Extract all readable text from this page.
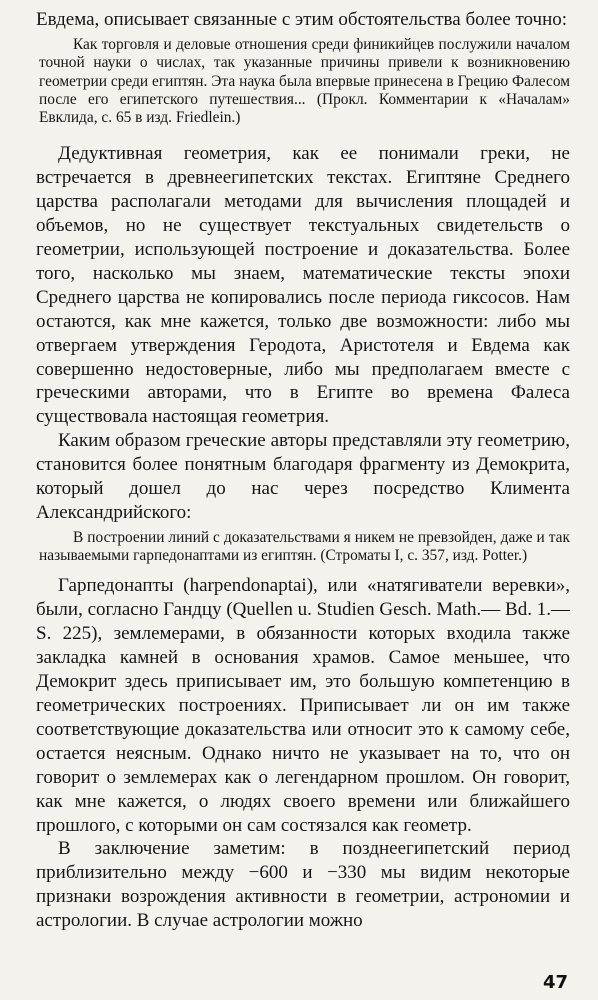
Евдема, описывает связанные с этим обстоятельства более точно:

Как торговля и деловые отношения среди финикийцев послужили началом точной науки о числах, так указанные причины привели к возникновению геометрии среди египтян. Эта наука была впервые принесена в Грецию Фалесом после его египетского путешествия... (Прокл. Комментарии к «Началам» Евклида, с. 65 в изд. Friedlein.)

Дедуктивная геометрия, как ее понимали греки, не встречается в древнеегипетских текстах. Египтяне Среднего царства располагали методами для вычисления площадей и объемов, но не существует текстуальных свидетельств о геометрии, использующей построение и доказательства. Более того, насколько мы знаем, математические тексты эпохи Среднего царства не копировались после периода гиксосов. Нам остаются, как мне кажется, только две возможности: либо мы отвергаем утверждения Геродота, Аристотеля и Евдема как совершенно недостоверные, либо мы предполагаем вместе с греческими авторами, что в Египте во времена Фалеса существовала настоящая геометрия.

Каким образом греческие авторы представляли эту геометрию, становится более понятным благодаря фрагменту из Демокрита, который дошел до нас через посредство Климента Александрийского:

В построении линий с доказательствами я никем не превзойден, даже и так называемыми гарпедонаптами из египтян. (Строматы I, с. 357, изд. Potter.)

Гарпедонапты (harpendonaptai), или «натягиватели веревки», были, согласно Гандцу (Quellen u. Studien Gesch. Math.— Bd. 1.— S. 225), землемерами, в обязанности которых входила также закладка камней в основания храмов. Самое меньшее, что Демокрит здесь приписывает им, это большую компетенцию в геометрических построениях. Приписывает ли он им также соответствующие доказательства или относит это к самому себе, остается неясным. Однако ничто не указывает на то, что он говорит о землемерах как о легендарном прошлом. Он говорит, как мне кажется, о людях своего времени или ближайшего прошлого, с которыми он сам состязался как геометр.

В заключение заметим: в позднеегипетский период приблизительно между −600 и −330 мы видим некоторые признаки возрождения активности в геометрии, астрономии и астрологии. В случае астрологии можно

47
